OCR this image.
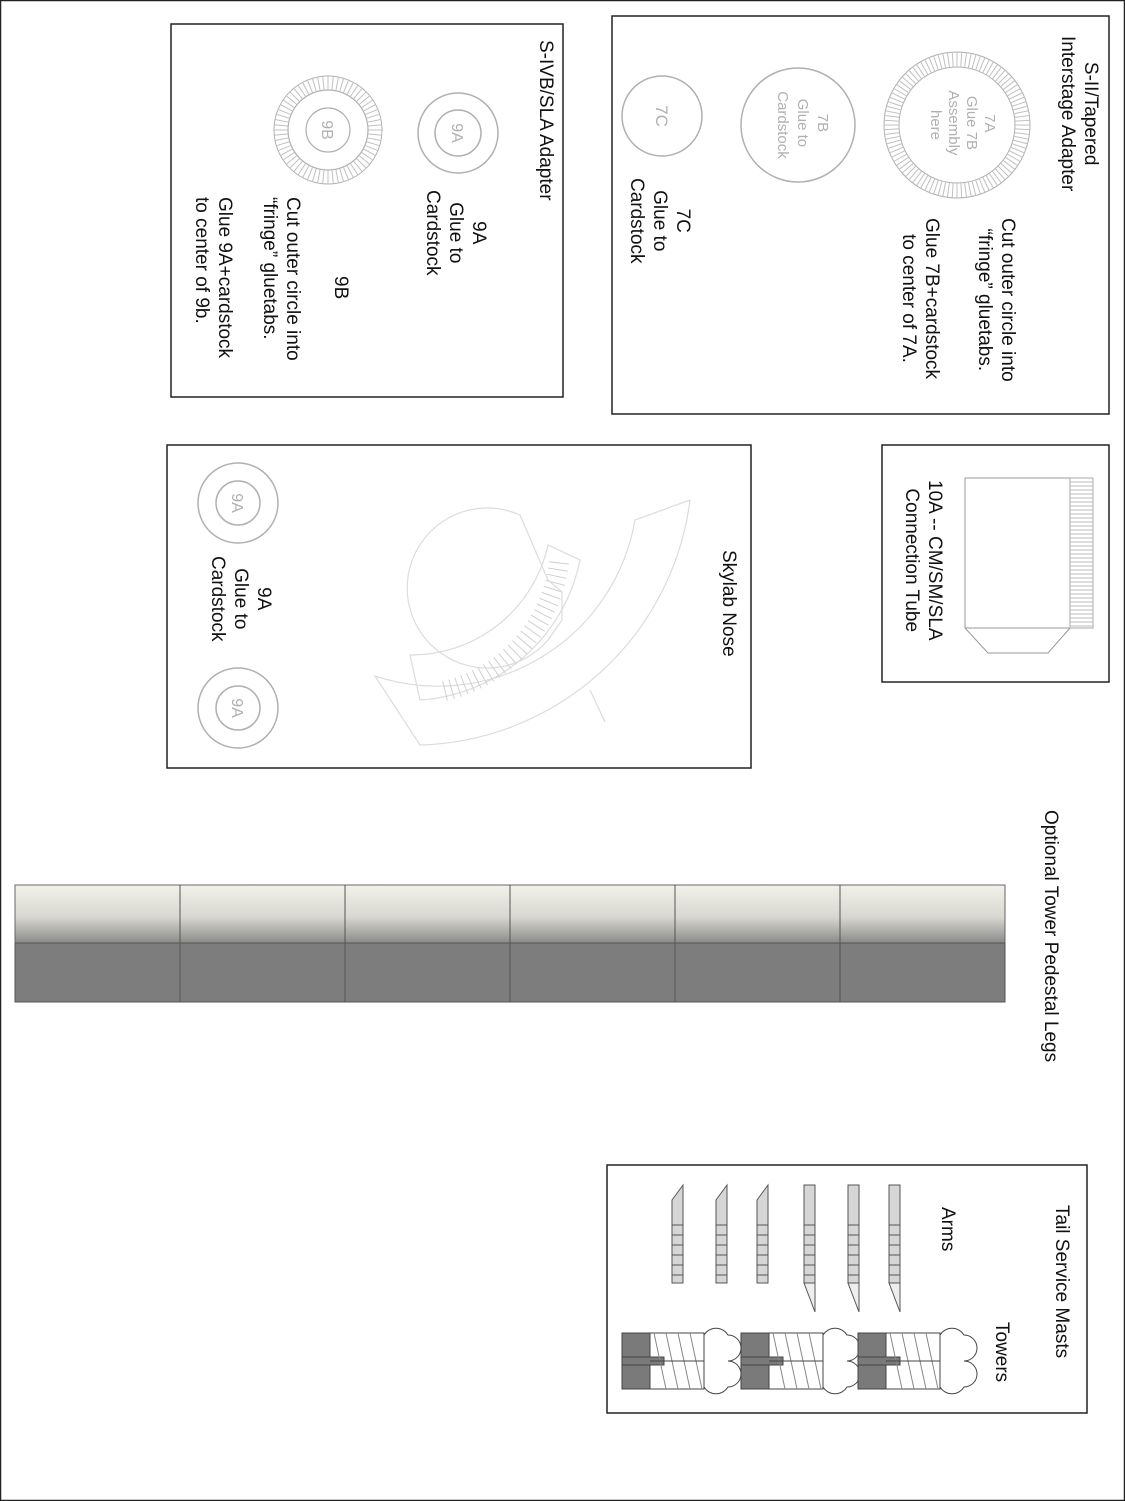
7A Glue 7B Assembly here
7B Glue to Cardstock
7C
9A
9B
9A
9A
S-II/Tapered
Interstage Adapter
Cut outer circle into
“fringe” gluetabs.
Glue 7B+cardstock
to center of 7A.
7C
Glue to
Cardstock
S-IVB/SLA Adapter
9A
Glue to
Cardstock
9B
Cut outer circle into
“fringe” gluetabs.

Glue 9A+cardstock
to center of 9b.
10A -- CM/SM/SLA
Connection Tube
Skylab Nose
9A
Glue to
Cardstock
Optional Tower Pedestal Legs
Tail Service Masts
Arms
Towers
